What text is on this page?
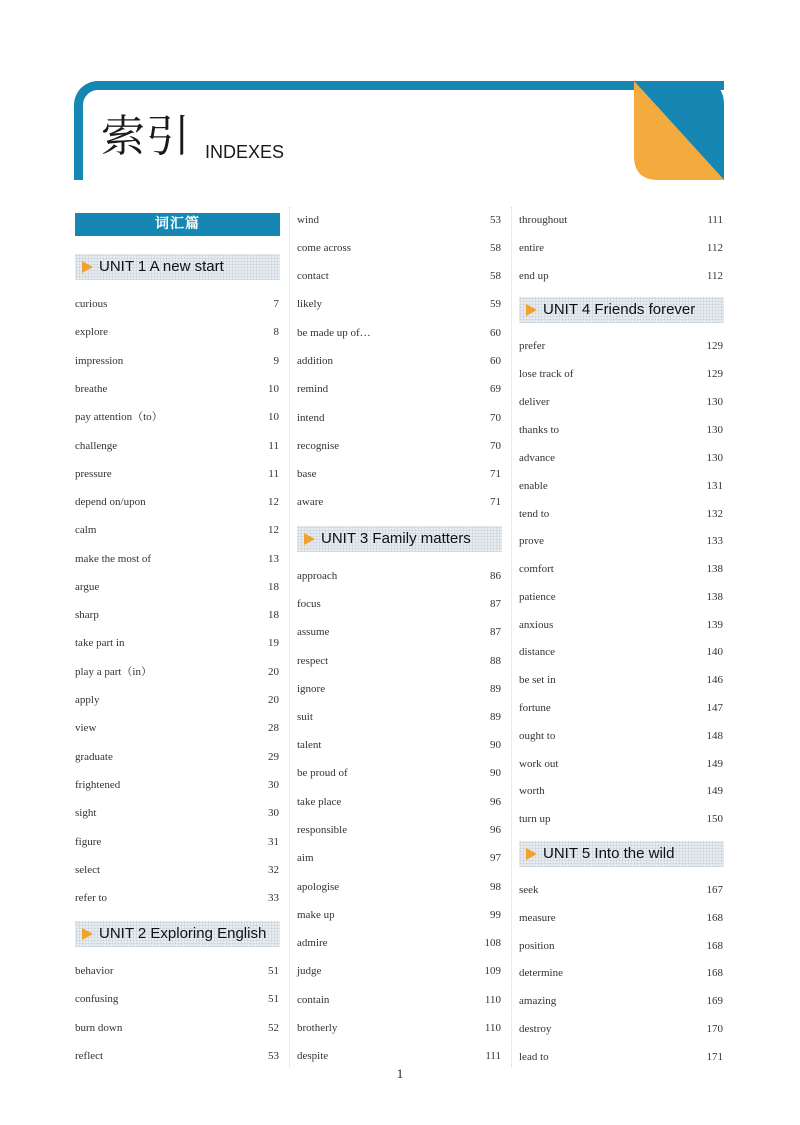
索引 INDEXES
词汇篇
UNIT 1 A new start
curious	7
explore	8
impression	9
breathe	10
pay attention（to）	10
challenge	11
pressure	11
depend on/upon	12
calm	12
make the most of	13
argue	18
sharp	18
take part in	19
play a part（in）	20
apply	20
view	28
graduate	29
frightened	30
sight	30
figure	31
select	32
refer to	33
UNIT 2 Exploring English
behavior	51
confusing	51
burn down	52
reflect	53
wind	53
come across	58
contact	58
likely	59
be made up of…	60
addition	60
remind	69
intend	70
recognise	70
base	71
aware	71
UNIT 3 Family matters
approach	86
focus	87
assume	87
respect	88
ignore	89
suit	89
talent	90
be proud of	90
take place	96
responsible	96
aim	97
apologise	98
make up	99
admire	108
judge	109
contain	110
brotherly	110
despite	111
throughout	111
entire	112
end up	112
UNIT 4 Friends forever
prefer	129
lose track of	129
deliver	130
thanks to	130
advance	130
enable	131
tend to	132
prove	133
comfort	138
patience	138
anxious	139
distance	140
be set in	146
fortune	147
ought to	148
work out	149
worth	149
turn up	150
UNIT 5 Into the wild
seek	167
measure	168
position	168
determine	168
amazing	169
destroy	170
lead to	171
1
